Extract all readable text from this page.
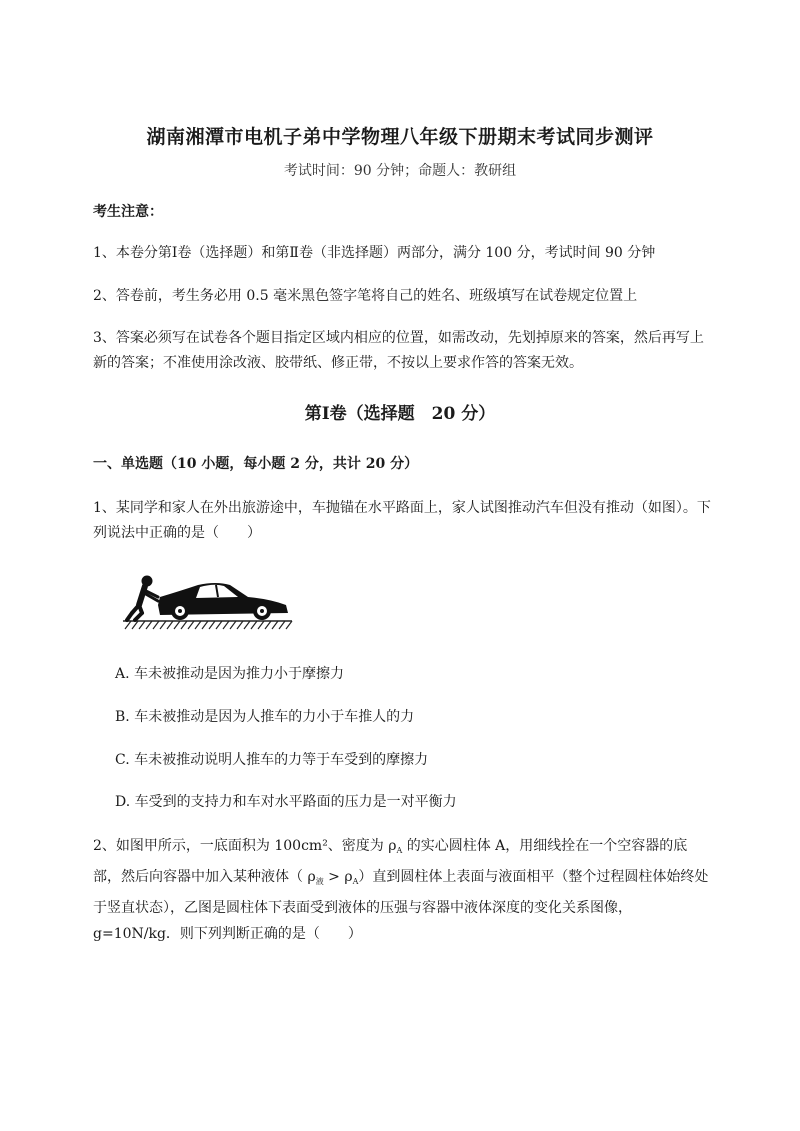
湖南湘潭市电机子弟中学物理八年级下册期末考试同步测评
考试时间：90 分钟；命题人：教研组
考生注意：
1、本卷分第Ⅰ卷（选择题）和第Ⅱ卷（非选择题）两部分，满分 100 分，考试时间 90 分钟
2、答卷前，考生务必用 0.5 毫米黑色签字笔将自己的姓名、班级填写在试卷规定位置上
3、答案必须写在试卷各个题目指定区域内相应的位置，如需改动，先划掉原来的答案，然后再写上新的答案；不准使用涂改液、胶带纸、修正带，不按以上要求作答的答案无效。
第Ⅰ卷（选择题　20 分）
一、单选题（10 小题，每小题 2 分，共计 20 分）
1、某同学和家人在外出旅游途中，车抛锚在水平路面上，家人试图推动汽车但没有推动（如图）。下列说法中正确的是（　　）
A. 车未被推动是因为推力小于摩擦力
B. 车未被推动是因为人推车的力小于车推人的力
C. 车未被推动说明人推车的力等于车受到的摩擦力
D. 车受到的支持力和车对水平路面的压力是一对平衡力
2、如图甲所示，一底面积为 100cm²、密度为 $\rho_A$ 的实心圆柱体 A，用细线拴在一个空容器的底部，然后向容器中加入某种液体（ $\rho_液 > \rho_A$）直到圆柱体上表面与液面相平（整个过程圆柱体始终处于竖直状态），乙图是圆柱体下表面受到液体的压强与容器中液体深度的变化关系图像，g=10N/kg．则下列判断正确的是（　　）
